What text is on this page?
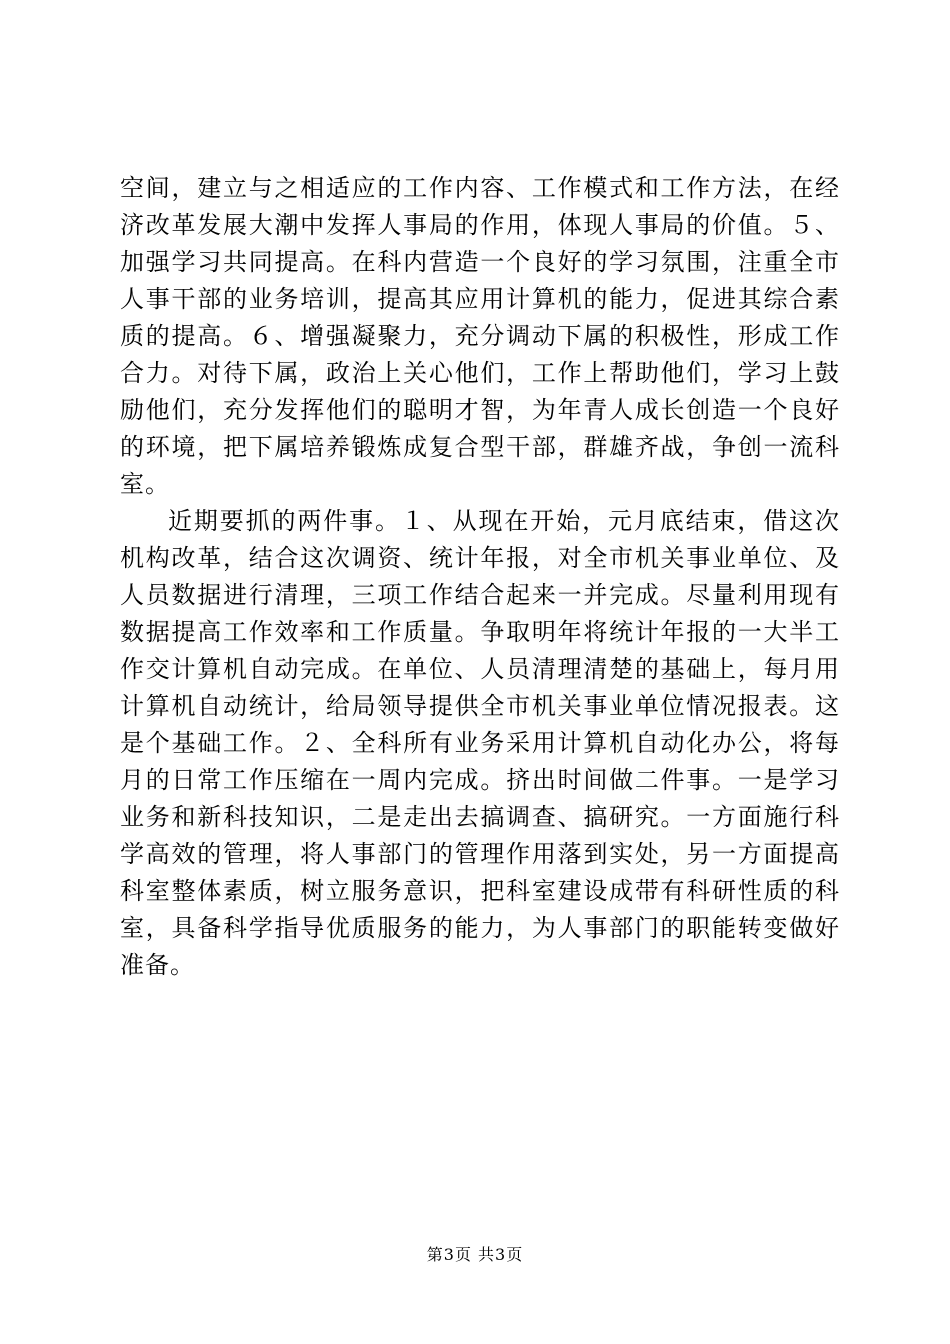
空间，建立与之相适应的工作内容、工作模式和工作方法，在经济改革发展大潮中发挥人事局的作用，体现人事局的价值。５、加强学习共同提高。在科内营造一个良好的学习氛围，注重全市人事干部的业务培训，提高其应用计算机的能力，促进其综合素质的提高。６、增强凝聚力，充分调动下属的积极性，形成工作合力。对待下属，政治上关心他们，工作上帮助他们，学习上鼓励他们，充分发挥他们的聪明才智，为年青人成长创造一个良好的环境，把下属培养锻炼成复合型干部，群雄齐战，争创一流科室。

近期要抓的两件事。１、从现在开始，元月底结束，借这次机构改革，结合这次调资、统计年报，对全市机关事业单位、及人员数据进行清理，三项工作结合起来一并完成。尽量利用现有数据提高工作效率和工作质量。争取明年将统计年报的一大半工作交计算机自动完成。在单位、人员清理清楚的基础上，每月用计算机自动统计，给局领导提供全市机关事业单位情况报表。这是个基础工作。２、全科所有业务采用计算机自动化办公，将每月的日常工作压缩在一周内完成。挤出时间做二件事。一是学习业务和新科技知识，二是走出去搞调查、搞研究。一方面施行科学高效的管理，将人事部门的管理作用落到实处，另一方面提高科室整体素质，树立服务意识，把科室建设成带有科研性质的科室，具备科学指导优质服务的能力，为人事部门的职能转变做好准备。

第3页 共3页
